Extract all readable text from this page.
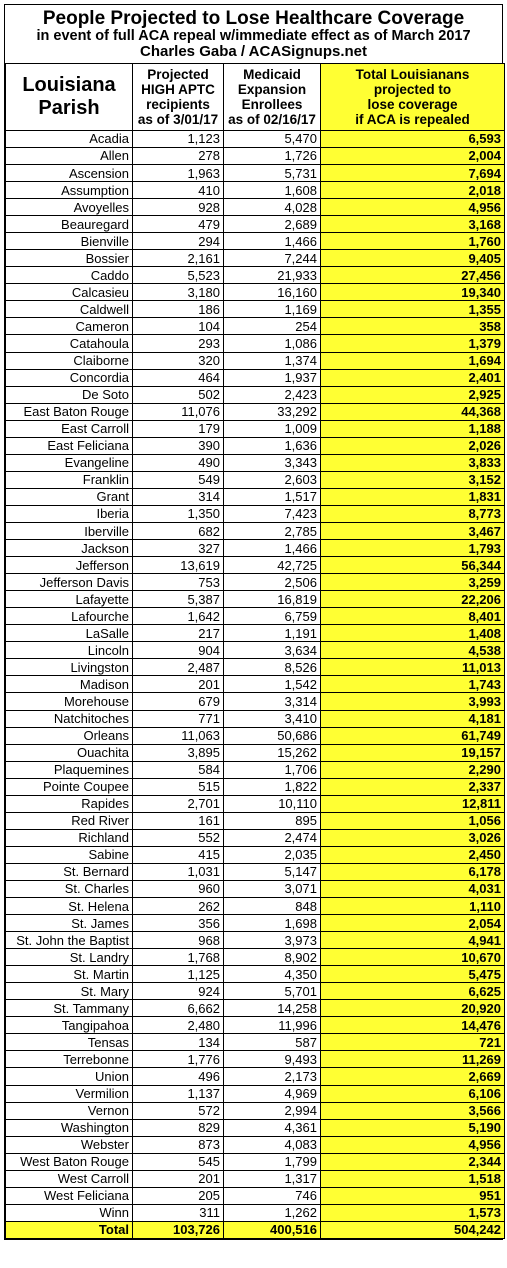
People Projected to Lose Healthcare Coverage
in event of full ACA repeal w/immediate effect as of March 2017
Charles Gaba / ACASignups.net
Louisiana
Parish	Projected
HIGH APTC
recipients
as of 3/01/17	Medicaid
Expansion
Enrollees
as of 02/16/17	Total Louisianans
projected to
lose coverage
if ACA is repealed
Acadia	1,123	5,470	6,593
Allen	278	1,726	2,004
Ascension	1,963	5,731	7,694
Assumption	410	1,608	2,018
Avoyelles	928	4,028	4,956
Beauregard	479	2,689	3,168
Bienville	294	1,466	1,760
Bossier	2,161	7,244	9,405
Caddo	5,523	21,933	27,456
Calcasieu	3,180	16,160	19,340
Caldwell	186	1,169	1,355
Cameron	104	254	358
Catahoula	293	1,086	1,379
Claiborne	320	1,374	1,694
Concordia	464	1,937	2,401
De Soto	502	2,423	2,925
East Baton Rouge	11,076	33,292	44,368
East Carroll	179	1,009	1,188
East Feliciana	390	1,636	2,026
Evangeline	490	3,343	3,833
Franklin	549	2,603	3,152
Grant	314	1,517	1,831
Iberia	1,350	7,423	8,773
Iberville	682	2,785	3,467
Jackson	327	1,466	1,793
Jefferson	13,619	42,725	56,344
Jefferson Davis	753	2,506	3,259
Lafayette	5,387	16,819	22,206
Lafourche	1,642	6,759	8,401
LaSalle	217	1,191	1,408
Lincoln	904	3,634	4,538
Livingston	2,487	8,526	11,013
Madison	201	1,542	1,743
Morehouse	679	3,314	3,993
Natchitoches	771	3,410	4,181
Orleans	11,063	50,686	61,749
Ouachita	3,895	15,262	19,157
Plaquemines	584	1,706	2,290
Pointe Coupee	515	1,822	2,337
Rapides	2,701	10,110	12,811
Red River	161	895	1,056
Richland	552	2,474	3,026
Sabine	415	2,035	2,450
St. Bernard	1,031	5,147	6,178
St. Charles	960	3,071	4,031
St. Helena	262	848	1,110
St. James	356	1,698	2,054
St. John the Baptist	968	3,973	4,941
St. Landry	1,768	8,902	10,670
St. Martin	1,125	4,350	5,475
St. Mary	924	5,701	6,625
St. Tammany	6,662	14,258	20,920
Tangipahoa	2,480	11,996	14,476
Tensas	134	587	721
Terrebonne	1,776	9,493	11,269
Union	496	2,173	2,669
Vermilion	1,137	4,969	6,106
Vernon	572	2,994	3,566
Washington	829	4,361	5,190
Webster	873	4,083	4,956
West Baton Rouge	545	1,799	2,344
West Carroll	201	1,317	1,518
West Feliciana	205	746	951
Winn	311	1,262	1,573
Total	103,726	400,516	504,242
